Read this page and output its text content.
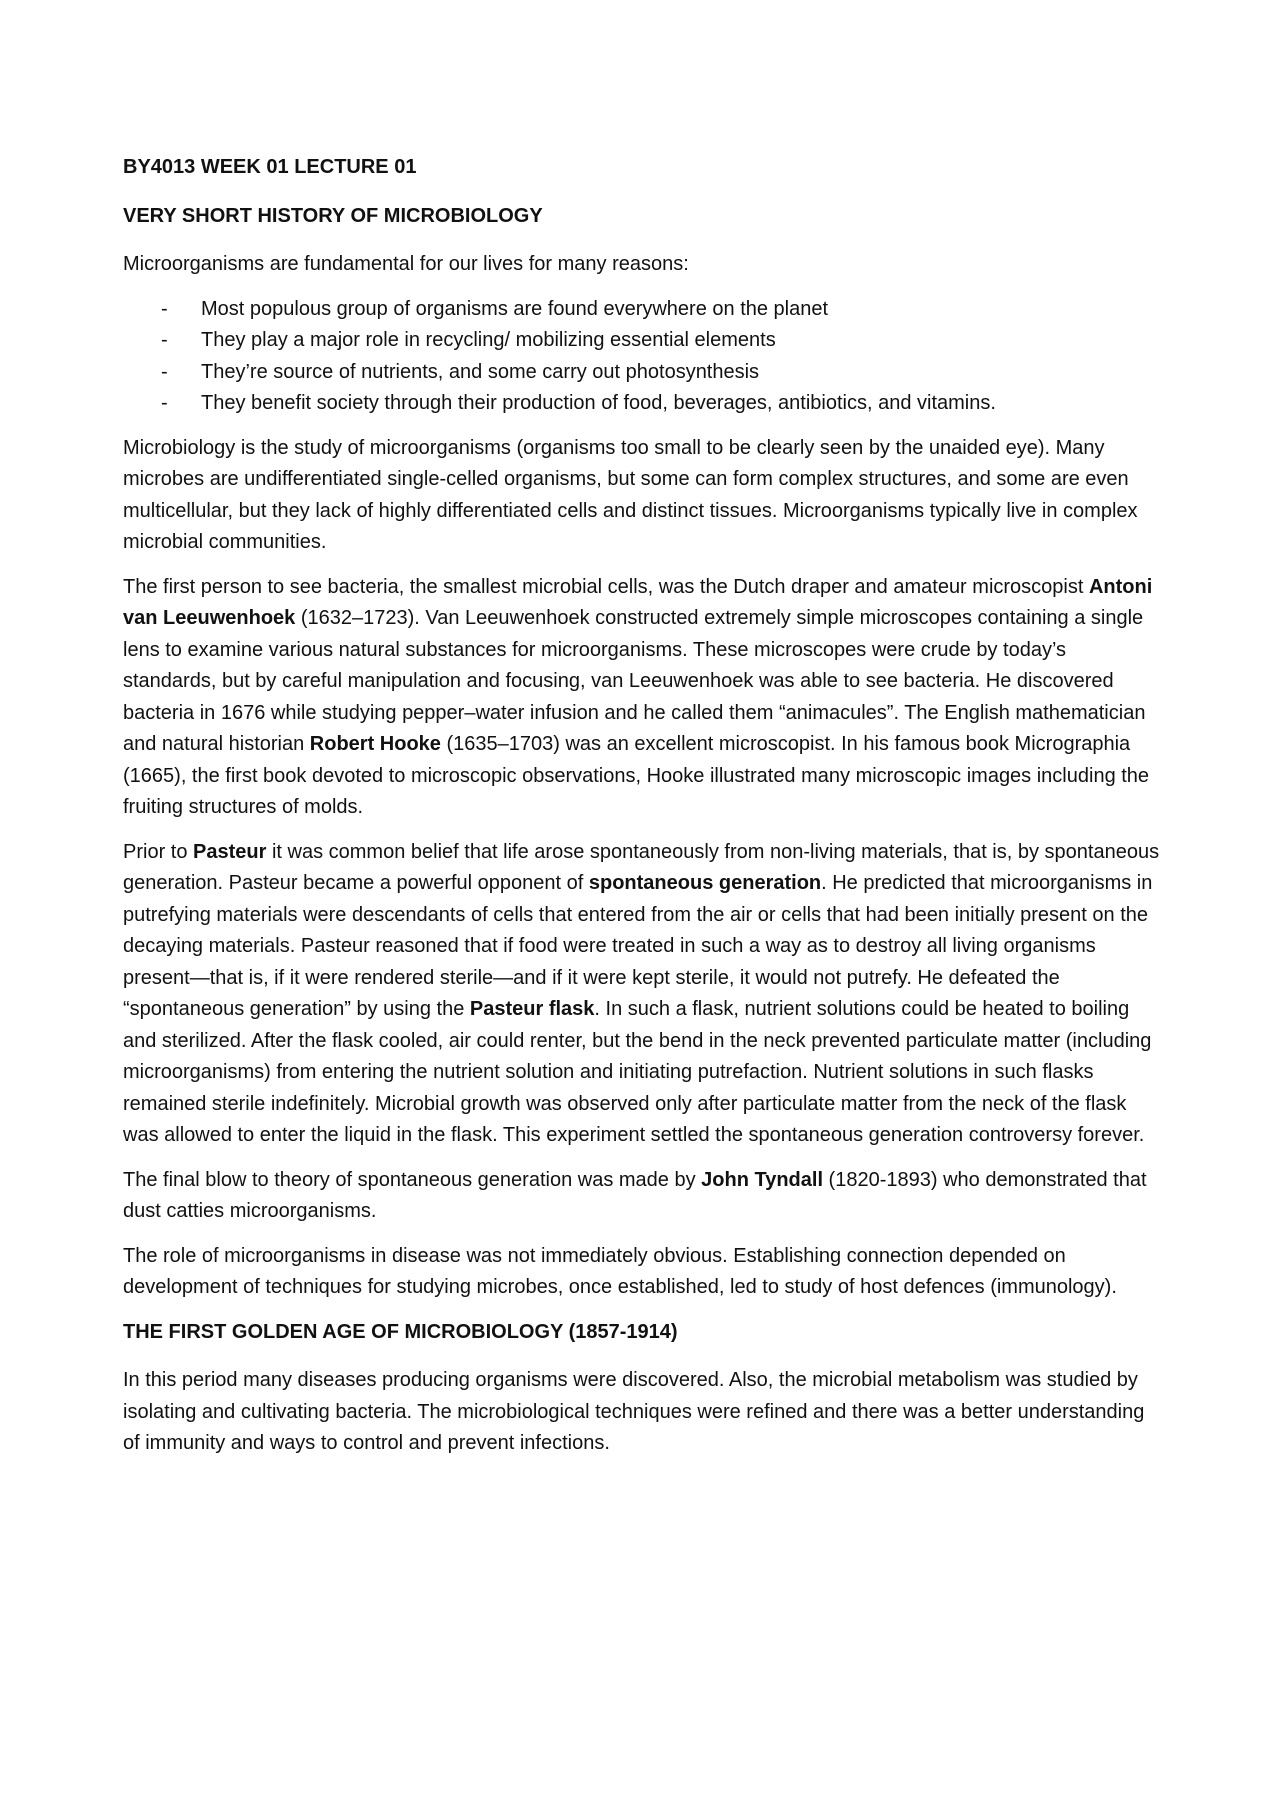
BY4013 WEEK 01 LECTURE 01
VERY SHORT HISTORY OF MICROBIOLOGY

Microorganisms are fundamental for our lives for many reasons:

- Most populous group of organisms are found everywhere on the planet
- They play a major role in recycling/ mobilizing essential elements
- They’re source of nutrients, and some carry out photosynthesis
- They benefit society through their production of food, beverages, antibiotics, and vitamins.

Microbiology is the study of microorganisms (organisms too small to be clearly seen by the unaided eye). Many microbes are undifferentiated single-celled organisms, but some can form complex structures, and some are even multicellular, but they lack of highly differentiated cells and distinct tissues. Microorganisms typically live in complex microbial communities.

The first person to see bacteria, the smallest microbial cells, was the Dutch draper and amateur microscopist Antoni van Leeuwenhoek (1632–1723). Van Leeuwenhoek constructed extremely simple microscopes containing a single lens to examine various natural substances for microorganisms. These microscopes were crude by today’s standards, but by careful manipulation and focusing, van Leeuwenhoek was able to see bacteria. He discovered bacteria in 1676 while studying pepper–water infusion and he called them “animacules”. The English mathematician and natural historian Robert Hooke (1635–1703) was an excellent microscopist. In his famous book Micrographia (1665), the first book devoted to microscopic observations, Hooke illustrated many microscopic images including the fruiting structures of molds.

Prior to Pasteur it was common belief that life arose spontaneously from non-living materials, that is, by spontaneous generation. Pasteur became a powerful opponent of spontaneous generation. He predicted that microorganisms in putrefying materials were descendants of cells that entered from the air or cells that had been initially present on the decaying materials. Pasteur reasoned that if food were treated in such a way as to destroy all living organisms present—that is, if it were rendered sterile—and if it were kept sterile, it would not putrefy. He defeated the “spontaneous generation” by using the Pasteur flask. In such a flask, nutrient solutions could be heated to boiling and sterilized. After the flask cooled, air could renter, but the bend in the neck prevented particulate matter (including microorganisms) from entering the nutrient solution and initiating putrefaction. Nutrient solutions in such flasks remained sterile indefinitely. Microbial growth was observed only after particulate matter from the neck of the flask was allowed to enter the liquid in the flask. This experiment settled the spontaneous generation controversy forever.

The final blow to theory of spontaneous generation was made by John Tyndall (1820-1893) who demonstrated that dust catties microorganisms.

The role of microorganisms in disease was not immediately obvious. Establishing connection depended on development of techniques for studying microbes, once established, led to study of host defences (immunology).

THE FIRST GOLDEN AGE OF MICROBIOLOGY (1857-1914)

In this period many diseases producing organisms were discovered. Also, the microbial metabolism was studied by isolating and cultivating bacteria. The microbiological techniques were refined and there was a better understanding of immunity and ways to control and prevent infections.
